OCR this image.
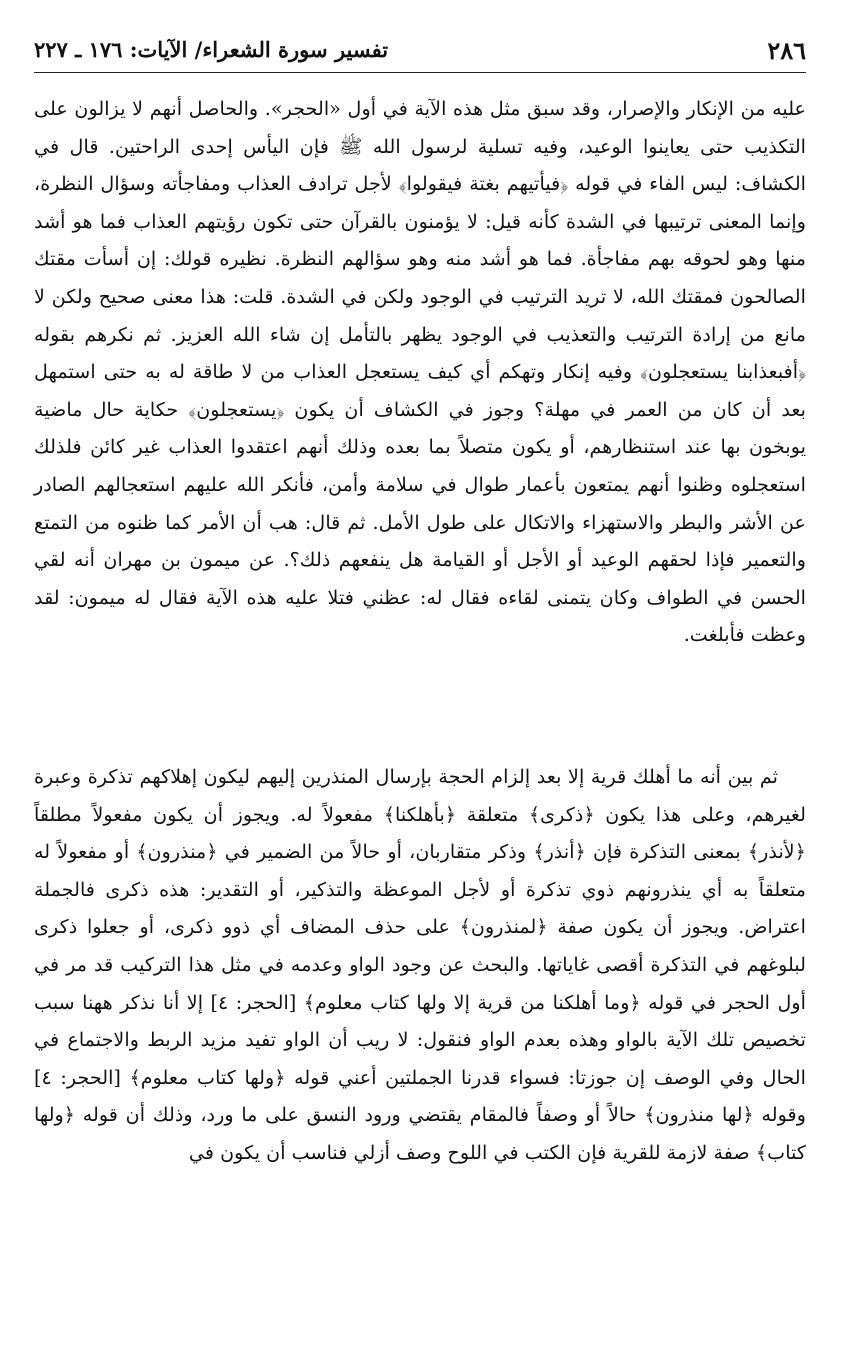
٢٨٦
تفسير سورة الشعراء/ الآيات: ١٧٦ ـ ٢٢٧

عليه من الإنكار والإصرار، وقد سبق مثل هذه الآية في أول «الحجر». والحاصل أنهم لا يزالون على التكذيب حتى يعاينوا الوعيد، وفيه تسلية لرسول الله ﷺ فإن اليأس إحدى الراحتين. قال في الكشاف: ليس الفاء في قوله ﴿فيأتيهم بغتة فيقولوا﴾ لأجل ترادف العذاب ومفاجأته وسؤال النظرة، وإنما المعنى ترتيبها في الشدة كأنه قيل: لا يؤمنون بالقرآن حتى تكون رؤيتهم العذاب فما هو أشد منها وهو لحوقه بهم مفاجأة. فما هو أشد منه وهو سؤالهم النظرة. نظيره قولك: إن أسأت مقتك الصالحون فمقتك الله، لا تريد الترتيب في الوجود ولكن في الشدة. قلت: هذا معنى صحيح ولكن لا مانع من إرادة الترتيب والتعذيب في الوجود يظهر بالتأمل إن شاء الله العزيز. ثم نكرهم بقوله ﴿أفبعذابنا يستعجلون﴾ وفيه إنكار وتهكم أي كيف يستعجل العذاب من لا طاقة له به حتى استمهل بعد أن كان من العمر في مهلة؟ وجوز في الكشاف أن يكون ﴿يستعجلون﴾ حكاية حال ماضية يوبخون بها عند استنظارهم، أو يكون متصلاً بما بعده وذلك أنهم اعتقدوا العذاب غير كائن فلذلك استعجلوه وظنوا أنهم يمتعون بأعمار طوال في سلامة وأمن، فأنكر الله عليهم استعجالهم الصادر عن الأشر والبطر والاستهزاء والاتكال على طول الأمل. ثم قال: هب أن الأمر كما ظنوه من التمتع والتعمير فإذا لحقهم الوعيد أو الأجل أو القيامة هل ينفعهم ذلك؟. عن ميمون بن مهران أنه لقي الحسن في الطواف وكان يتمنى لقاءه فقال له: عظني فتلا عليه هذه الآية فقال له ميمون: لقد وعظت فأبلغت.

ثم بين أنه ما أهلك قرية إلا بعد إلزام الحجة بإرسال المنذرين إليهم ليكون إهلاكهم تذكرة وعبرة لغيرهم، وعلى هذا يكون ﴿ذكرى﴾ متعلقة ﴿بأهلكنا﴾ مفعولاً له. ويجوز أن يكون مفعولاً مطلقاً ﴿لأنذر﴾ بمعنى التذكرة فإن ﴿أنذر﴾ وذكر متقاربان، أو حالاً من الضمير في ﴿منذرون﴾ أو مفعولاً له متعلقاً به أي ينذرونهم ذوي تذكرة أو لأجل الموعظة والتذكير، أو التقدير: هذه ذكرى فالجملة اعتراض. ويجوز أن يكون صفة ﴿لمنذرون﴾ على حذف المضاف أي ذوو ذكرى، أو جعلوا ذكرى لبلوغهم في التذكرة أقصى غاياتها. والبحث عن وجود الواو وعدمه في مثل هذا التركيب قد مر في أول الحجر في قوله ﴿وما أهلكنا من قرية إلا ولها كتاب معلوم﴾ [الحجر: ٤] إلا أنا نذكر ههنا سبب تخصيص تلك الآية بالواو وهذه بعدم الواو فنقول: لا ريب أن الواو تفيد مزيد الربط والاجتماع في الحال وفي الوصف إن جوزتا: فسواء قدرنا الجملتين أعني قوله ﴿ولها كتاب معلوم﴾ [الحجر: ٤] وقوله ﴿لها منذرون﴾ حالاً أو وصفاً فالمقام يقتضي ورود النسق على ما ورد، وذلك أن قوله ﴿ولها كتاب﴾ صفة لازمة للقرية فإن الكتب في اللوح وصف أزلي فناسب أن يكون في
